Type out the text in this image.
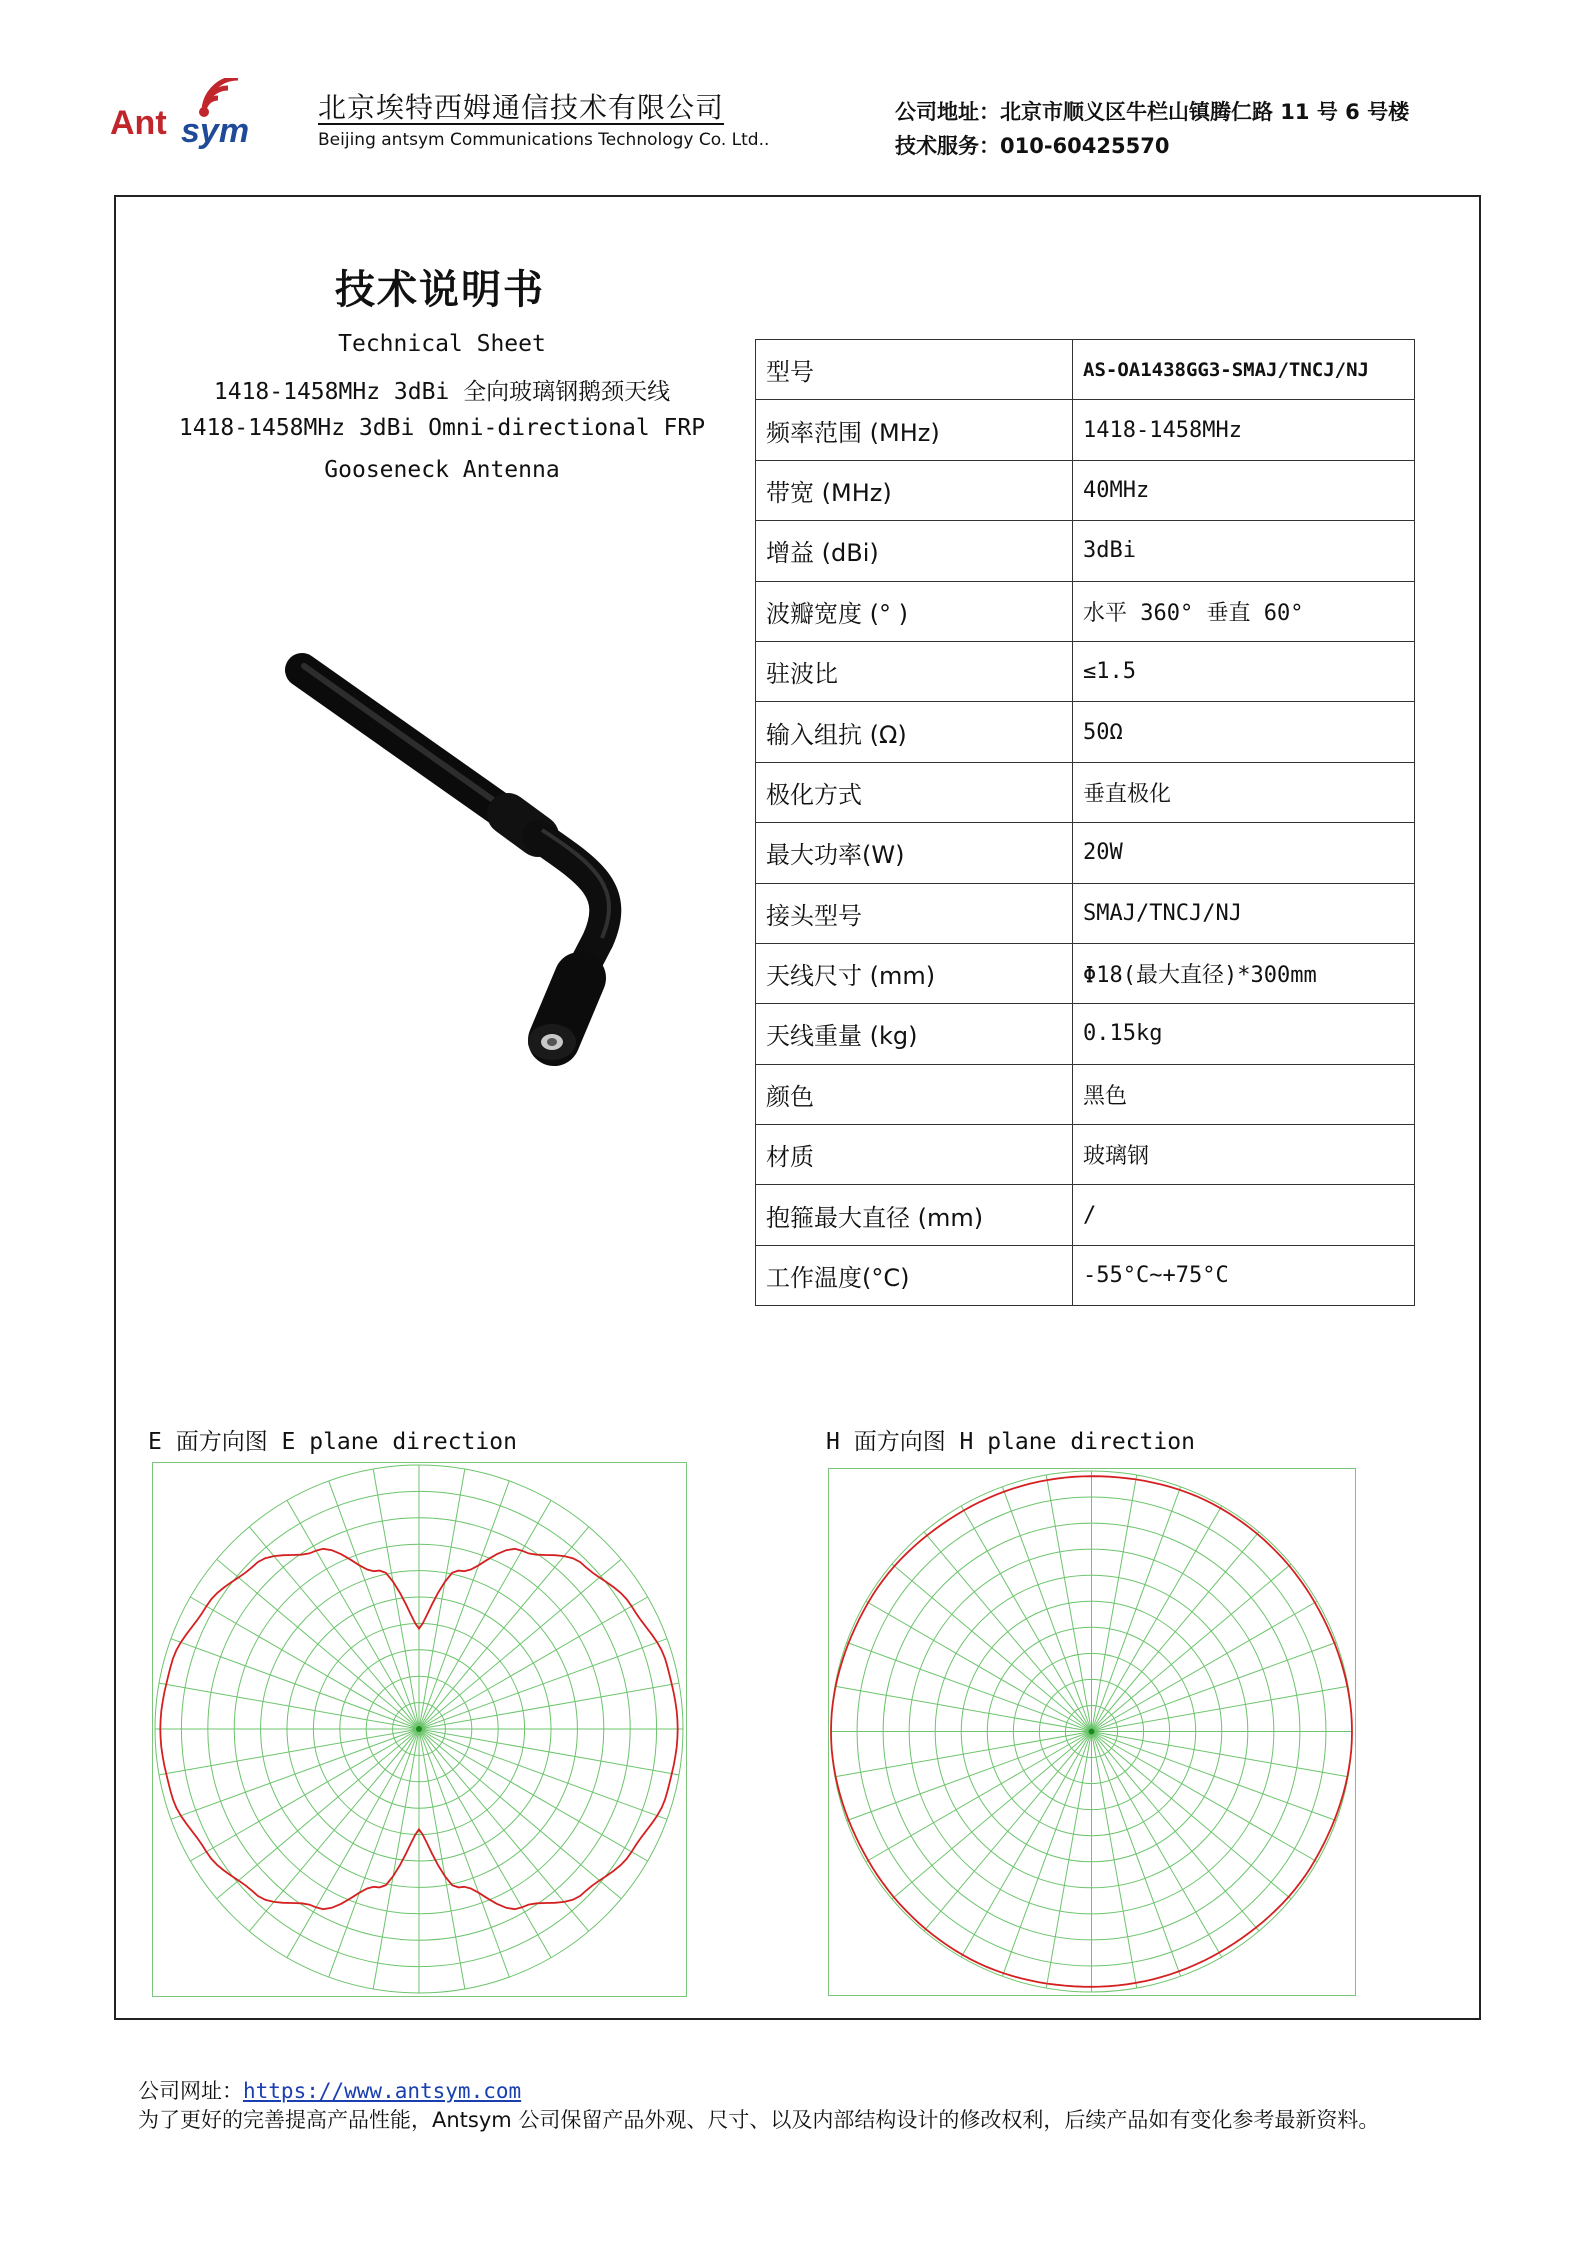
Ant sym
北京埃特西姆通信技术有限公司
Beijing antsym Communications Technology Co. Ltd..
公司地址：北京市顺义区牛栏山镇腾仁路 11 号 6 号楼
技术服务：010-60425570
技术说明书
Technical Sheet
1418-1458MHz 3dBi 全向玻璃钢鹅颈天线
1418-1458MHz 3dBi Omni-directional FRP
Gooseneck Antenna
型号	AS-OA1438GG3-SMAJ/TNCJ/NJ
频率范围 (MHz)	1418-1458MHz
带宽 (MHz)	40MHz
增益 (dBi)	3dBi
波瓣宽度 (° )	水平 360° 垂直 60°
驻波比	≤1.5
输入组抗 (Ω)	50Ω
极化方式	垂直极化
最大功率(W)	20W
接头型号	SMAJ/TNCJ/NJ
天线尺寸 (mm)	Φ18(最大直径)*300mm
天线重量 (kg)	0.15kg
颜色	黑色
材质	玻璃钢
抱箍最大直径 (mm)	/
工作温度(°C)	-55°C~+75°C
E 面方向图 E plane direction	H 面方向图 H plane direction
公司网址：https://www.antsym.com
为了更好的完善提高产品性能，Antsym 公司保留产品外观、尺寸、以及内部结构设计的修改权利，后续产品如有变化参考最新资料。
